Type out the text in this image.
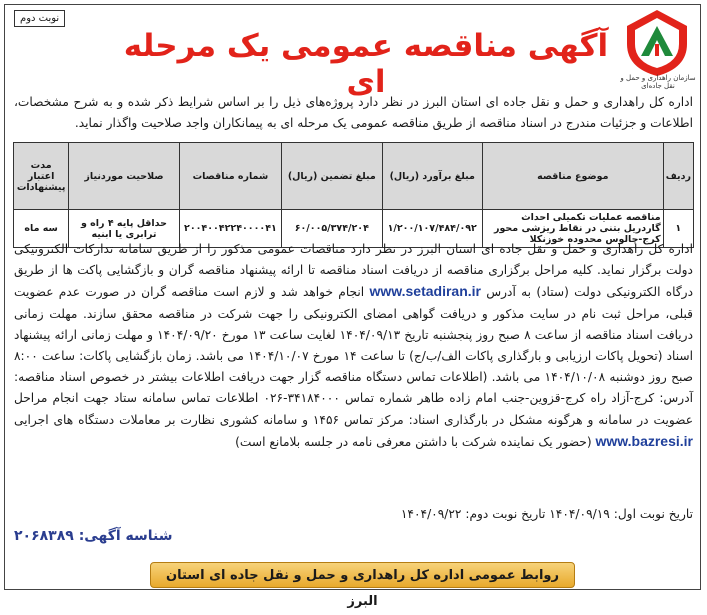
نوبت دوم
سازمان راهداری و حمل و نقل جاده‌ای
آگهی مناقصه عمومی یک مرحله ای
اداره کل راهداری و حمل و نقل جاده ای استان البرز در نظر دارد پروژه‌های ذیل را بر اساس شرایط ذکر شده و به شرح مشخصات، اطلاعات و جزئیات مندرج در اسناد مناقصه از طریق مناقصه عمومی یک مرحله ای به پیمانکاران واجد صلاحیت واگذار نماید.
ردیف	موضوع مناقصه	مبلغ برآورد (ریال)	مبلغ تضمین (ریال)	شماره مناقصات	صلاحیت موردنیاز	مدت اعتبار پیشنهادات
۱	مناقصه عملیات تکمیلی احداث گاردریل بتنی در نقاط ریزشی محور کرج-چالوس محدوده خوزنکلا	۱/۲۰۰/۱۰۷/۴۸۴/۰۹۲	۶۰/۰۰۵/۳۷۴/۲۰۴	۲۰۰۴۰۰۴۲۲۴۰۰۰۰۴۱	حداقل پایه ۴ راه و ترابری یا ابنیه	سه ماه
اداره کل راهداری و حمل و نقل جاده ای استان البرز در نظر دارد مناقصات عمومی مذکور را از طریق سامانه تدارکات الکترونیکی دولت برگزار نماید. کلیه مراحل برگزاری مناقصه از دریافت اسناد مناقصه تا ارائه پیشنهاد مناقصه گران و بازگشایی پاکت ها از طریق درگاه الکترونیکی دولت (ستاد) به آدرس www.setadiran.ir انجام خواهد شد و لازم است مناقصه گران در صورت عدم عضویت قبلی، مراحل ثبت نام در سایت مذکور و دریافت گواهی امضای الکترونیکی را جهت شرکت در مناقصه محقق سازند. مهلت زمانی دریافت اسناد مناقصه از ساعت ۸ صبح روز پنجشنبه تاریخ ۱۴۰۴/۰۹/۱۳ لغایت ساعت ۱۳ مورخ ۱۴۰۴/۰۹/۲۰ و مهلت زمانی ارائه پیشنهاد اسناد (تحویل پاکات ارزیابی و بارگذاری پاکات الف/ب/ج) تا ساعت ۱۴ مورخ ۱۴۰۴/۱۰/۰۷ می باشد. زمان بازگشایی پاکات: ساعت ۸:۰۰ صبح روز دوشنبه ۱۴۰۴/۱۰/۰۸ می باشد. (اطلاعات تماس دستگاه مناقصه گزار جهت دریافت اطلاعات بیشتر در خصوص اسناد مناقصه: آدرس: کرج-آزاد راه کرج-قزوین-جنب امام زاده طاهر شماره تماس ۳۴۱۸۴۰۰۰-۰۲۶ اطلاعات تماس سامانه ستاد جهت انجام مراحل عضویت در سامانه و هرگونه مشکل در بارگذاری اسناد: مرکز تماس ۱۴۵۶ و سامانه کشوری نظارت بر معاملات دستگاه های اجرایی www.bazresi.ir (حضور یک نماینده شرکت با داشتن معرفی نامه در جلسه بلامانع است)
تاریخ نوبت اول: ۱۴۰۴/۰۹/۱۹ تاریخ نوبت دوم: ۱۴۰۴/۰۹/۲۲
شناسه آگهی: ۲۰۶۸۳۸۹
روابط عمومی اداره کل راهداری و حمل و نقل جاده ای استان البرز
